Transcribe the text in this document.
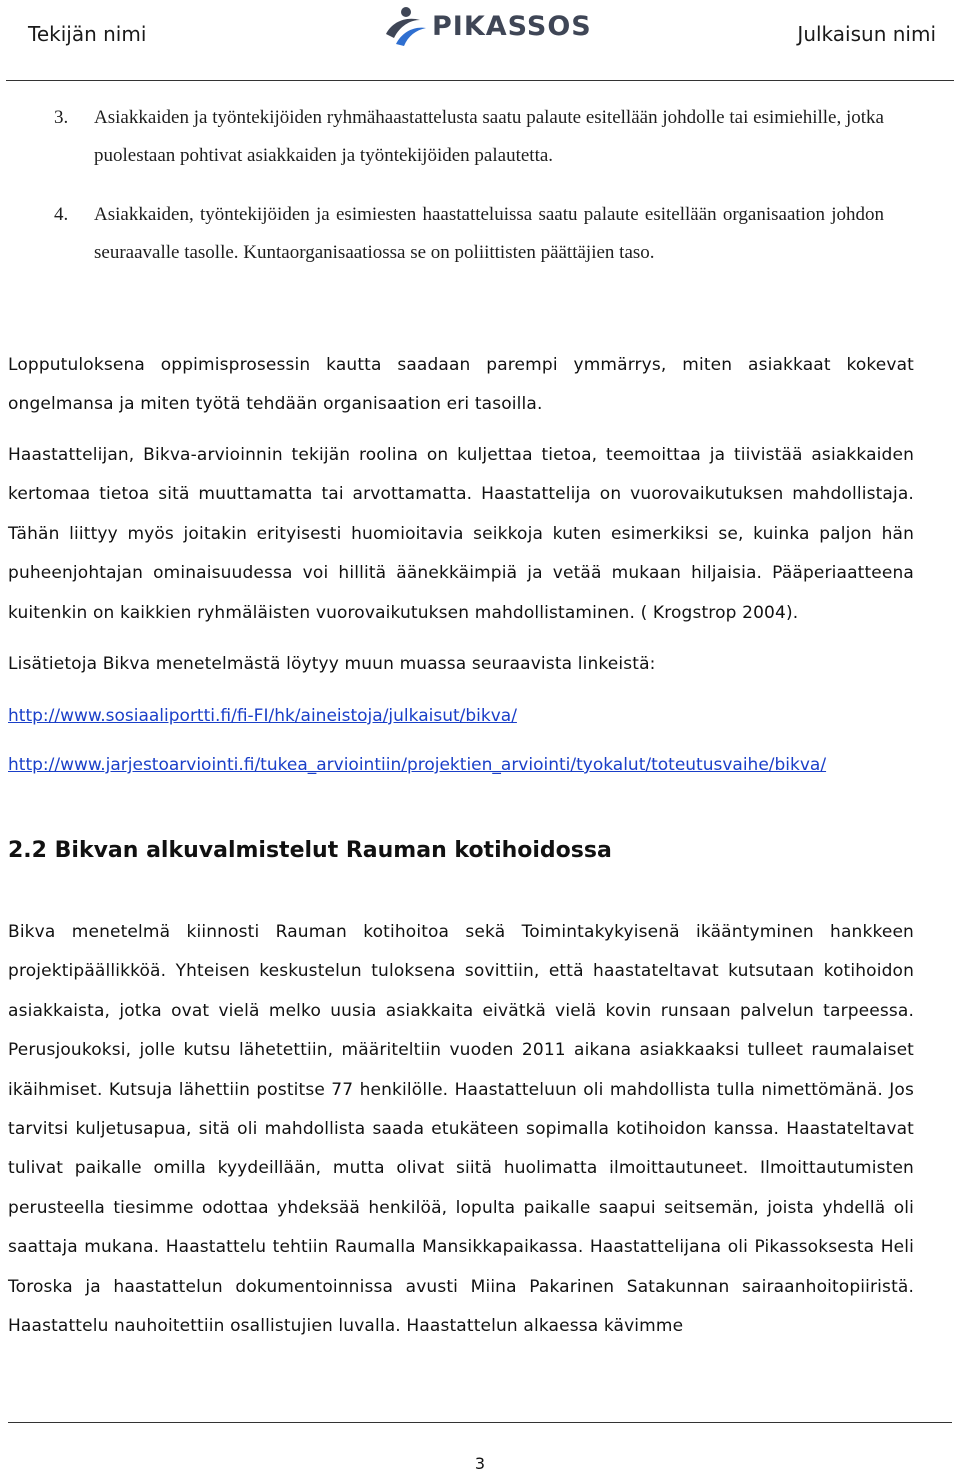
Tekijän nimi	PIKASSOS	Julkaisun nimi
3. Asiakkaiden ja työntekijöiden ryhmähaastattelusta saatu palaute esitellään johdolle tai esimiehille, jotka puolestaan pohtivat asiakkaiden ja työntekijöiden palautetta.
4. Asiakkaiden, työntekijöiden ja esimiesten haastatteluissa saatu palaute esitellään organisaation johdon seuraavalle tasolle. Kuntaorganisaatiossa se on poliittisten päättäjien taso.
Lopputuloksena oppimisprosessin kautta saadaan parempi ymmärrys, miten asiakkaat kokevat ongelmansa ja miten työtä tehdään organisaation eri tasoilla.
Haastattelijan, Bikva-arvioinnin tekijän roolina on kuljettaa tietoa, teemoittaa ja tiivistää asiakkaiden kertomaa tietoa sitä muuttamatta tai arvottamatta. Haastattelija on vuorovaikutuksen mahdollistaja. Tähän liittyy myös joitakin erityisesti huomioitavia seikkoja kuten esimerkiksi se, kuinka paljon hän puheenjohtajan ominaisuudessa voi hillitä äänekkäimpiä ja vetää mukaan hiljaisia. Pääperiaatteena kuitenkin on kaikkien ryhmäläisten vuorovaikutuksen mahdollistaminen. ( Krogstrop 2004).
Lisätietoja Bikva menetelmästä löytyy muun muassa seuraavista linkeistä:
http://www.sosiaaliportti.fi/fi-FI/hk/aineistoja/julkaisut/bikva/
http://www.jarjestoarviointi.fi/tukea_arviointiin/projektien_arviointi/tyokalut/toteutusvaihe/bikva/
2.2 Bikvan alkuvalmistelut Rauman kotihoidossa
Bikva menetelmä kiinnosti Rauman kotihoitoa sekä Toimintakykyisenä ikääntyminen hankkeen projektipäällikköä. Yhteisen keskustelun tuloksena sovittiin, että haastateltavat kutsutaan kotihoidon asiakkaista, jotka ovat vielä melko uusia asiakkaita eivätkä vielä kovin runsaan palvelun tarpeessa. Perusjoukoksi, jolle kutsu lähetettiin, määriteltiin vuoden 2011 aikana asiakkaaksi tulleet raumalaiset ikäihmiset. Kutsuja lähettiin postitse 77 henkilölle. Haastatteluun oli mahdollista tulla nimettömänä. Jos tarvitsi kuljetusapua, sitä oli mahdollista saada etukäteen sopimalla kotihoidon kanssa. Haastateltavat tulivat paikalle omilla kyydeillään, mutta olivat siitä huolimatta ilmoittautuneet. Ilmoittautumisten perusteella tiesimme odottaa yhdeksää henkilöä, lopulta paikalle saapui seitsemän, joista yhdellä oli saattaja mukana. Haastattelu tehtiin Raumalla Mansikkapaikassa. Haastattelijana oli Pikassoksesta Heli Toroska ja haastattelun dokumentoinnissa avusti Miina Pakarinen Satakunnan sairaanhoitopiiristä. Haastattelu nauhoitettiin osallistujien luvalla. Haastattelun alkaessa kävimme
3
